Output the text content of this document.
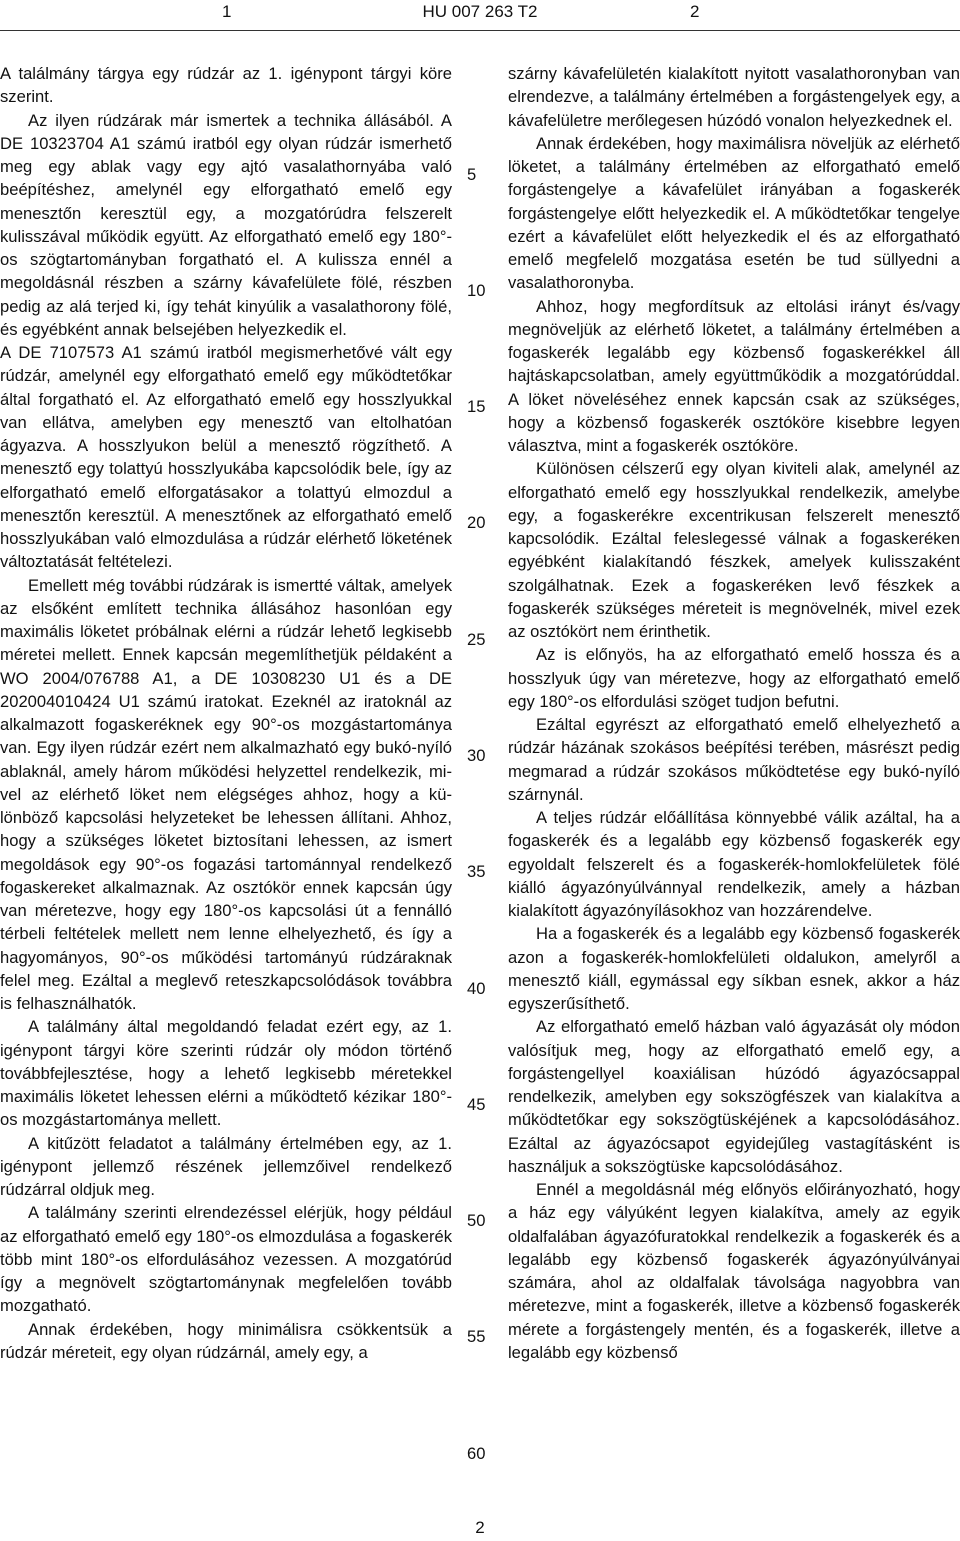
1	HU 007 263 T2	2

A találmány tárgya egy rúdzár az 1. igénypont tárgyi köre szerint.

Az ilyen rúdzárak már ismertek a technika állásából. A DE 10323704 A1 számú iratból egy olyan rúdzár ismerhető meg egy ablak vagy egy ajtó vasalathornyába való beépítéshez, amelynél egy elforgatható emelő egy menesztőn keresztül egy, a mozgatórúdra felszerelt kulisszával működik együtt. Az elforgatható emelő egy 180°-os szögtartományban forgatható el. A kulissza ennél a megoldásnál részben a szárny kávafelülete fölé, részben pedig az alá terjed ki, így tehát kinyúlik a vasalathorony fölé, és egyébként annak belsejében helyezkedik el.

A DE 7107573 A1 számú iratból megismerhetővé vált egy rúdzár, amelynél egy elforgatható emelő egy működtetőkar által forgatható el. Az elforgatható emelő egy hosszlyukkal van ellátva, amelyben egy menesztő van eltolhatóan ágyazva. A hosszlyukon belül a menesztő rögzíthető. A menesztő egy tolattyú hosszlyukába kapcsolódik bele, így az elforgatható emelő elforgatásakor a tolattyú elmozdul a menesztőn keresztül. A menesztőnek az elforgatható emelő hosszlyukában való elmozdulása a rúdzár elérhető löketének változtatását feltételezi.

Emellett még további rúdzárak is ismertté váltak, amelyek az elsőként említett technika állásához hasonlóan egy maximális löketet próbálnak elérni a rúdzár lehető legkisebb méretei mellett. Ennek kapcsán megemlíthetjük példaként a WO 2004/076788 A1, a DE 10308230 U1 és a DE 202004010424 U1 számú iratokat. Ezeknél az iratoknál az alkalmazott fogaskeréknek egy 90°-os mozgástartománya van. Egy ilyen rúdzár ezért nem alkalmazható egy bukó-nyíló ablaknál, amely három működési helyzettel rendelkezik, mivel az elérhető löket nem elégséges ahhoz, hogy a különböző kapcsolási helyzeteket be lehessen állítani. Ahhoz, hogy a szükséges löketet biztosítani lehessen, az ismert megoldások egy 90°-os fogazási tartománnyal rendelkező fogaskereket alkalmaznak. Az osztókör ennek kapcsán úgy van méretezve, hogy egy 180°-os kapcsolási út a fennálló térbeli feltételek mellett nem lenne elhelyezhető, és így a hagyományos, 90°-os működési tartományú rúdzáraknak felel meg. Ezáltal a meglevő reteszkapcsolódások továbbra is felhasználhatók.

A találmány által megoldandó feladat ezért egy, az 1. igénypont tárgyi köre szerinti rúdzár oly módon történő továbbfejlesztése, hogy a lehető legkisebb méretekkel maximális löketet lehessen elérni a működtető kézikar 180°-os mozgástartománya mellett.

A kitűzött feladatot a találmány értelmében egy, az 1. igénypont jellemző részének jellemzőivel rendelkező rúdzárral oldjuk meg.

A találmány szerinti elrendezéssel elérjük, hogy például az elforgatható emelő egy 180°-os elmozdulása a fogaskerék több mint 180°-os elfordulásához vezessen. A mozgatórúd így a megnövelt szögtartománynak megfelelően tovább mozgatható.

Annak érdekében, hogy minimálisra csökkentsük a rúdzár méreteit, egy olyan rúdzárnál, amely egy, a

szárny kávafelületén kialakított nyitott vasalathoronyban van elrendezve, a találmány értelmében a forgástengelyek egy, a kávafelületre merőlegesen húzódó vonalon helyezkednek el.

Annak érdekében, hogy maximálisra növeljük az elérhető löketet, a találmány értelmében az elforgatható emelő forgástengelye a kávafelület irányában a fogaskerék forgástengelye előtt helyezkedik el. A működtetőkar tengelye ezért a kávafelület előtt helyezkedik el és az elforgatható emelő megfelelő mozgatása esetén be tud süllyedni a vasalathoronyba.

Ahhoz, hogy megfordítsuk az eltolási irányt és/vagy megnöveljük az elérhető löketet, a találmány értelmében a fogaskerék legalább egy közbenső fogaskerékkel áll hajtáskapcsolatban, amely együttműködik a mozgatórúddal. A löket növeléséhez ennek kapcsán csak az szükséges, hogy a közbenső fogaskerék osztóköre kisebbre legyen választva, mint a fogaskerék osztóköre.

Különösen célszerű egy olyan kiviteli alak, amelynél az elforgatható emelő egy hosszlyukkal rendelkezik, amelybe egy, a fogaskerékre excentrikusan felszerelt menesztő kapcsolódik. Ezáltal feleslegessé válnak a fogaskeréken egyébként kialakítandó fészkek, amelyek kulisszaként szolgálhatnak. Ezek a fogaskeréken levő fészkek a fogaskerék szükséges méreteit is megnövelnék, mivel ezek az osztókört nem érinthetik.

Az is előnyös, ha az elforgatható emelő hossza és a hosszlyuk úgy van méretezve, hogy az elforgatható emelő egy 180°-os elfordulási szöget tudjon befutni.

Ezáltal egyrészt az elforgatható emelő elhelyezhető a rúdzár házának szokásos beépítési terében, másrészt pedig megmarad a rúdzár szokásos működtetése egy bukó-nyíló szárnynál.

A teljes rúdzár előállítása könnyebbé válik azáltal, ha a fogaskerék és a legalább egy közbenső fogaskerék egy egyoldalt felszerelt és a fogaskerék-homlokfelületek fölé kiálló ágyazónyúlvánnyal rendelkezik, amely a házban kialakított ágyazónyílásokhoz van hozzárendelve.

Ha a fogaskerék és a legalább egy közbenső fogaskerék azon a fogaskerék-homlokfelületi oldalukon, amelyről a menesztő kiáll, egymással egy síkban esnek, akkor a ház egyszerűsíthető.

Az elforgatható emelő házban való ágyazását oly módon valósítjuk meg, hogy az elforgatható emelő egy, a forgástengellyel koaxiálisan húzódó ágyazócsappal rendelkezik, amelyben egy sokszögfészek van kialakítva a működtetőkar egy sokszögtüskéjének a kapcsolódásához. Ezáltal az ágyazócsapot egyidejűleg vastagításként is használjuk a sokszögtüske kapcsolódásához.

Ennél a megoldásnál még előnyös előirányozható, hogy a ház egy vályúként legyen kialakítva, amely az egyik oldalfalában ágyazófuratokkal rendelkezik a fogaskerék és a legalább egy közbenső fogaskerék ágyazónyúlványai számára, ahol az oldalfalak távolsága nagyobbra van méretezve, mint a fogaskerék, illetve a közbenső fogaskerék mérete a forgástengely mentén, és a fogaskerék, illetve a legalább egy közbenső

5
10
15
20
25
30
35
40
45
50
55
60
2
